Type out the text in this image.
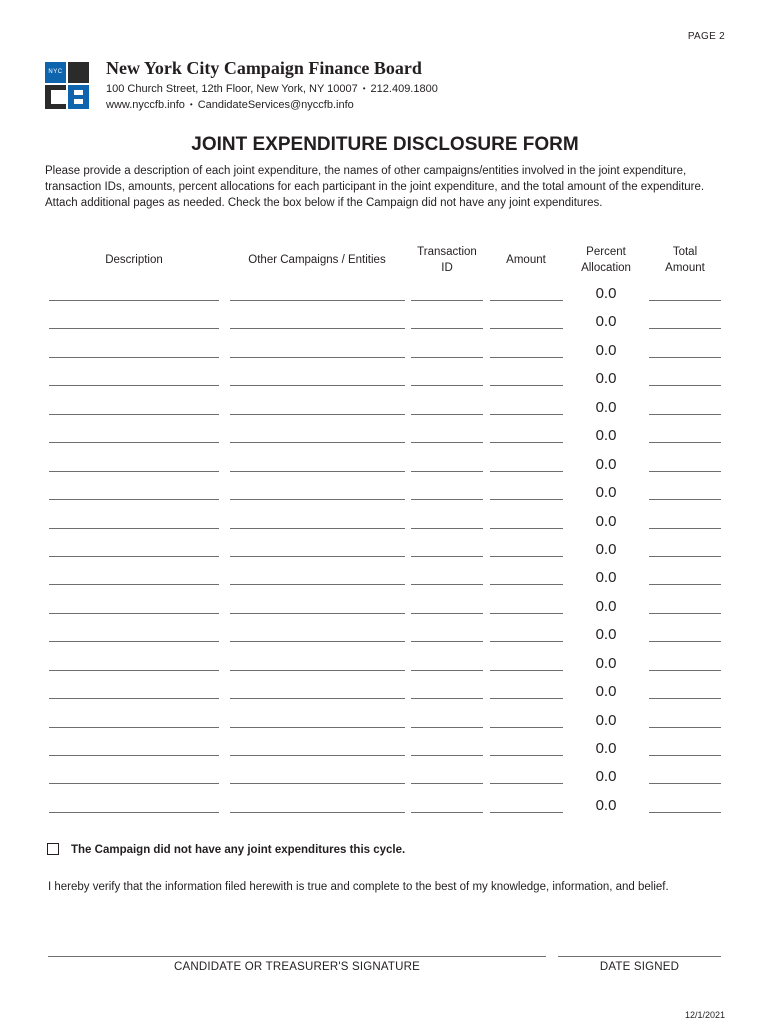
PAGE 2
NYC New York City Campaign Finance Board
100 Church Street, 12th Floor, New York, NY 10007 • 212.409.1800
www.nyccfb.info • CandidateServices@nyccfb.info
JOINT EXPENDITURE DISCLOSURE FORM

Please provide a description of each joint expenditure, the names of other campaigns/entities involved in the joint expenditure, transaction IDs, amounts, percent allocations for each participant in the joint expenditure, and the total amount of the expenditure. Attach additional pages as needed. Check the box below if the Campaign did not have any joint expenditures.

Description	Other Campaigns / Entities
Transaction
ID
Amount
Percent
Allocation
Total
Amount
0.0
0.0
0.0
0.0
0.0
0.0
0.0
0.0
0.0
0.0
0.0
0.0
0.0
0.0
0.0
0.0
0.0
0.0
0.0
The Campaign did not have any joint expenditures this cycle.

I hereby verify that the information filed herewith is true and complete to the best of my knowledge, information, and belief.

CANDIDATE OR TREASURER'S SIGNATURE	DATE SIGNED
12/1/2021
